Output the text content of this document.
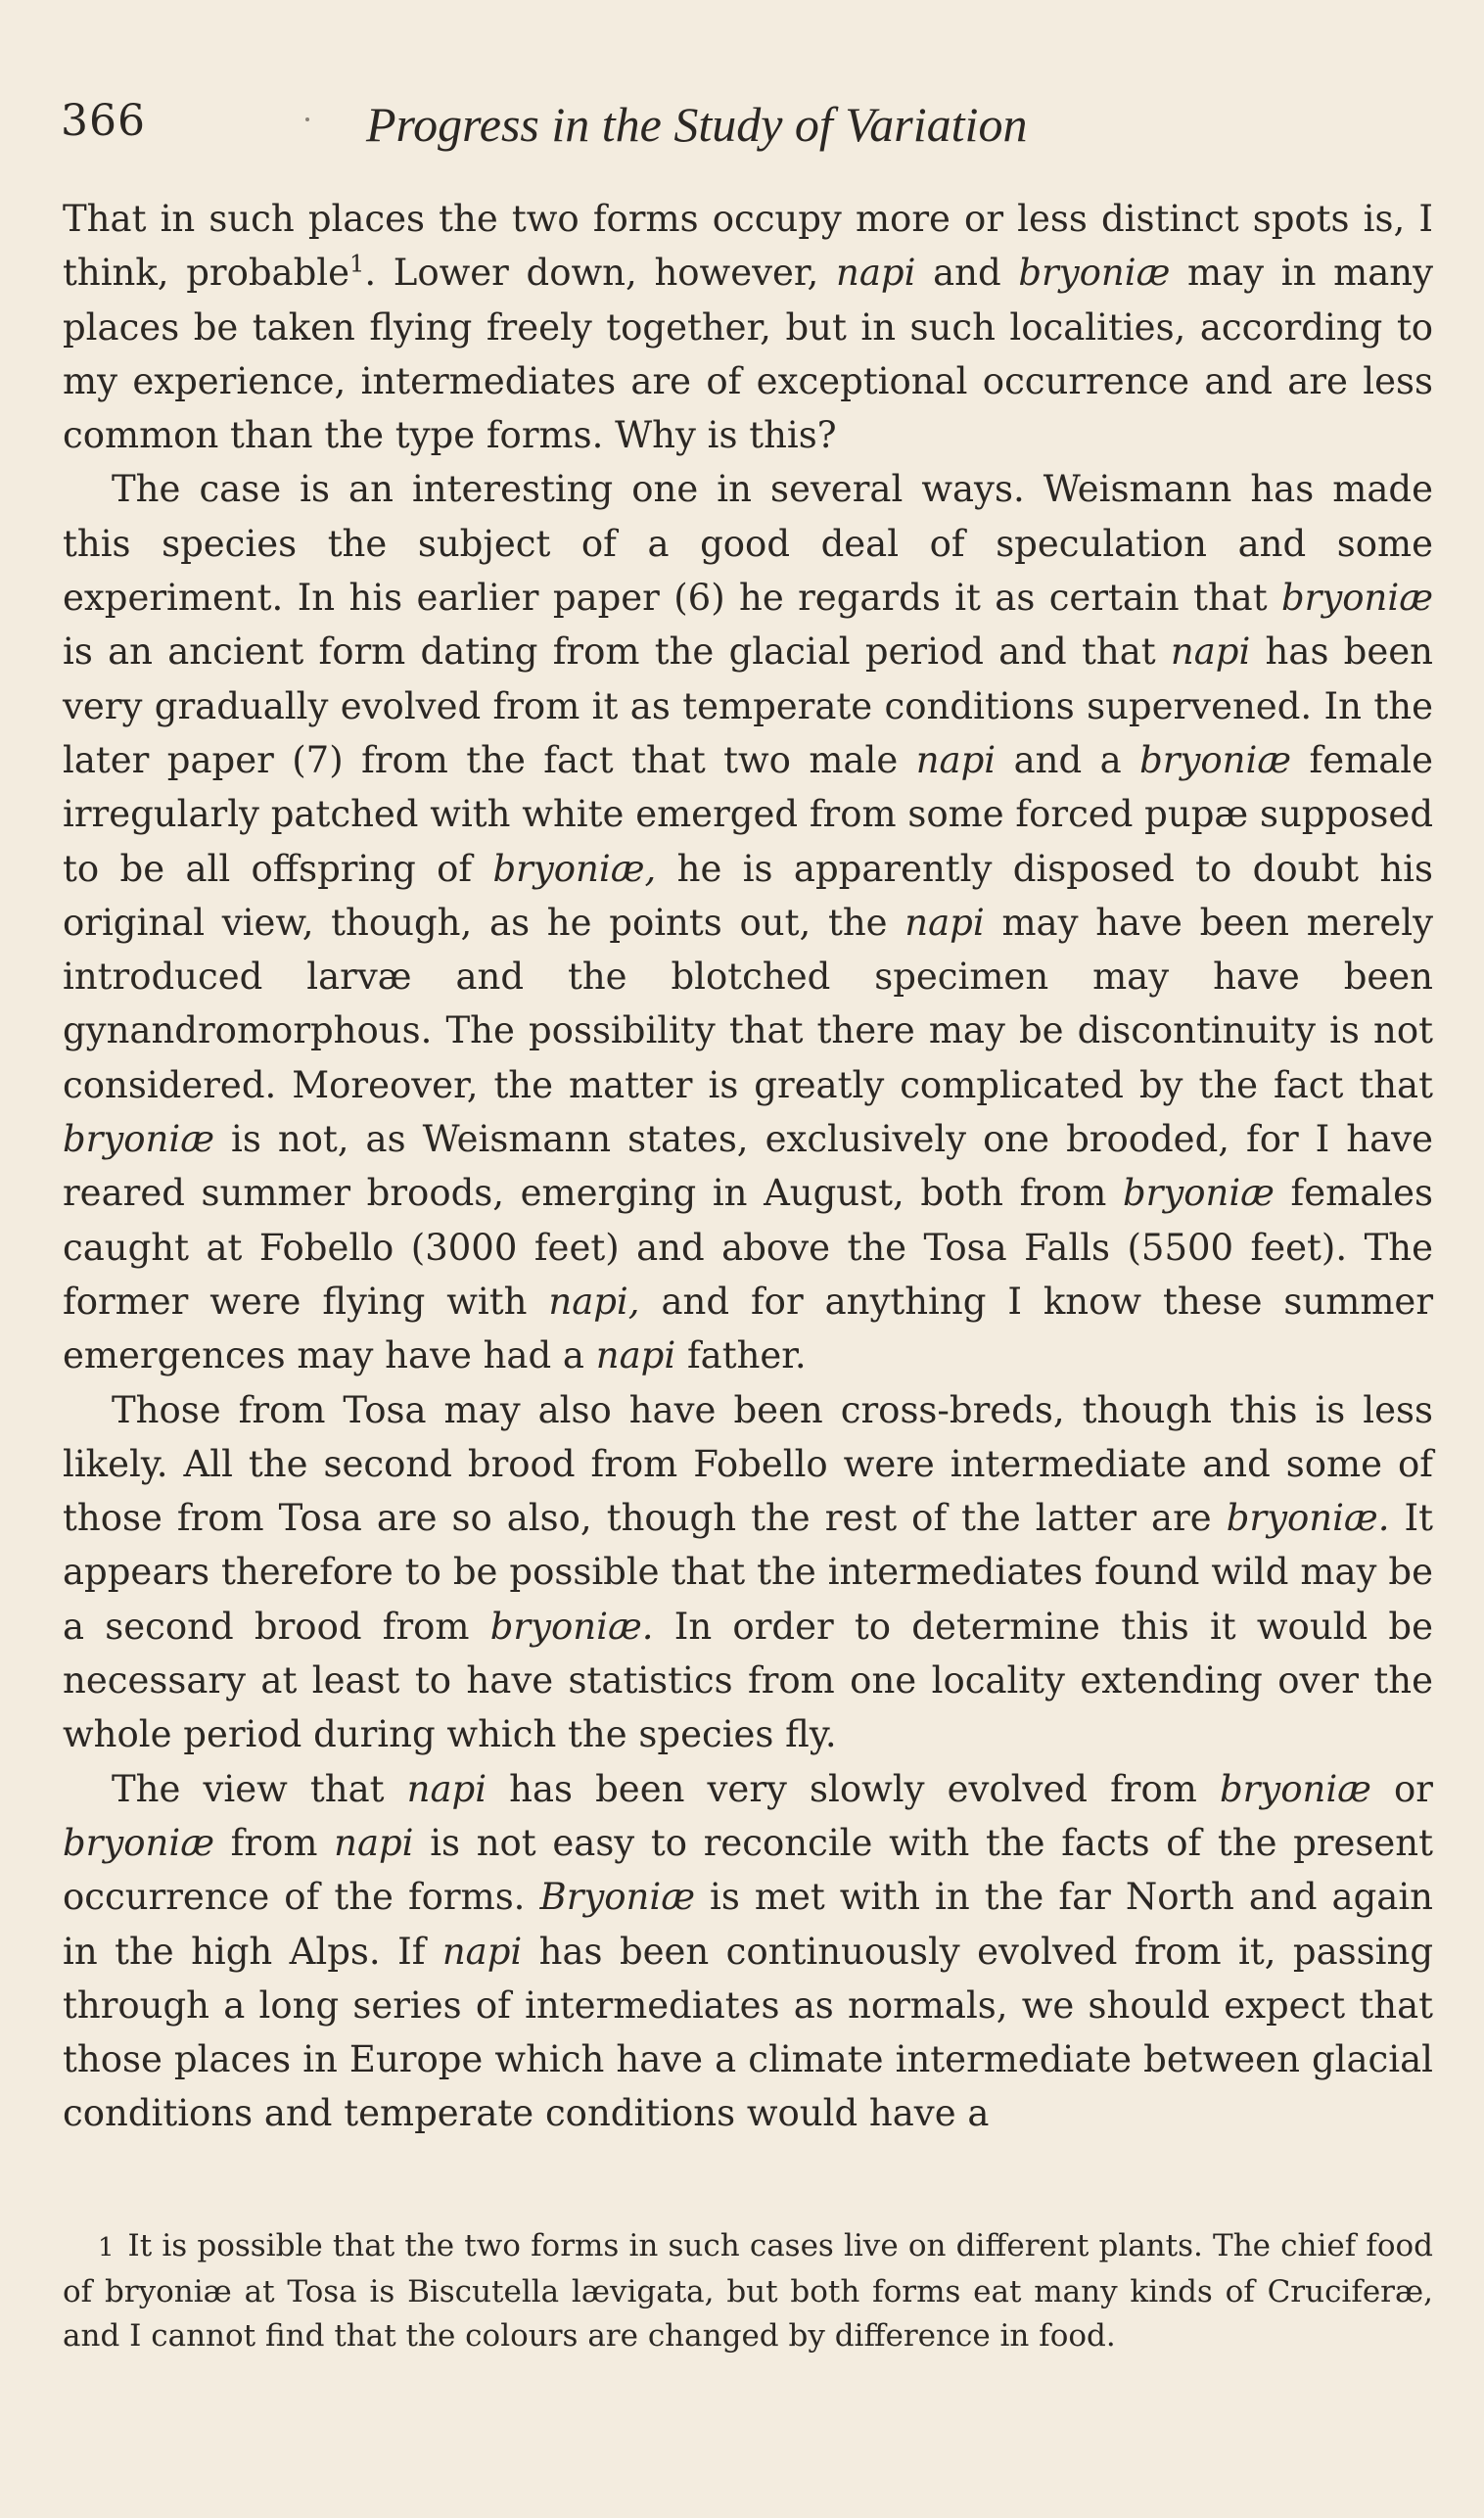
366	Progress in the Study of Variation

That in such places the two forms occupy more or less distinct spots is, I think, probable$^1$. Lower down, however, napi and bryoniæ may in many places be taken flying freely together, but in such localities, according to my experience, intermediates are of exceptional occurrence and are less common than the type forms. Why is this?

The case is an interesting one in several ways. Weismann has made this species the subject of a good deal of speculation and some experiment. In his earlier paper (6) he regards it as certain that bryoniæ is an ancient form dating from the glacial period and that napi has been very gradually evolved from it as temperate conditions supervened. In the later paper (7) from the fact that two male napi and a bryoniæ female irregularly patched with white emerged from some forced pupæ supposed to be all offspring of bryoniæ, he is apparently disposed to doubt his original view, though, as he points out, the napi may have been merely introduced larvæ and the blotched specimen may have been gynandromorphous. The possibility that there may be discontinuity is not considered. Moreover, the matter is greatly complicated by the fact that bryoniæ is not, as Weismann states, exclusively one brooded, for I have reared summer broods, emerging in August, both from bryoniæ females caught at Fobello (3000 feet) and above the Tosa Falls (5500 feet). The former were flying with napi, and for anything I know these summer emergences may have had a napi father.

Those from Tosa may also have been cross-breds, though this is less likely. All the second brood from Fobello were intermediate and some of those from Tosa are so also, though the rest of the latter are bryoniæ. It appears therefore to be possible that the intermediates found wild may be a second brood from bryoniæ. In order to determine this it would be necessary at least to have statistics from one locality extending over the whole period during which the species fly.

The view that napi has been very slowly evolved from bryoniæ or bryoniæ from napi is not easy to reconcile with the facts of the present occurrence of the forms. Bryoniæ is met with in the far North and again in the high Alps. If napi has been continuously evolved from it, passing through a long series of intermediates as normals, we should expect that those places in Europe which have a climate intermediate between glacial conditions and temperate conditions would have a

1 It is possible that the two forms in such cases live on different plants. The chief food of bryoniæ at Tosa is Biscutella lævigata, but both forms eat many kinds of Cruciferæ, and I cannot find that the colours are changed by difference in food.
